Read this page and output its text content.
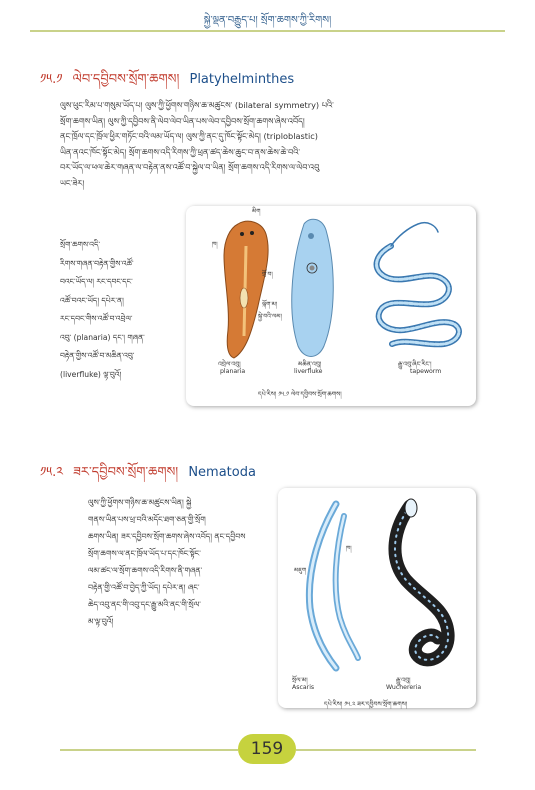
སྐྱེ་ལྡན་བརྒྱུད་པ། སྲོག་ཆགས་ཀྱི་རིགས།
༡༥.༡ ལེབ་དབྱིབས་སྲོག་ཆགས། Platyhelminthes
ལུས་ཕུང་རིམ་པ་གསུམ་ཡོད་པ། ལུས་ཀྱི་ཕྱོགས་གཉིས་ཆ་མཚུངས་ (bilateral symmetry) པའི་
སྲོག་ཆགས་ཡིན། ལུས་ཀྱི་དབྱིབས་ནི་ལེབ་ལེབ་ཡིན་པས་ལེབ་དབྱིབས་སྲོག་ཆགས་ཞེས་འབོད།
ནང་ཁྲོལ་དང་ཁྲོལ་ཕྱིར་གཏོང་བའི་ལམ་ཡོད་ལ། ལུས་ཀྱི་ནང་དུ་ཁོང་སྟོང་མེད། (triploblastic)
ཡིན་ནའང་ཁོང་སྟོང་མེད། སྲོག་ཆགས་འདི་རིགས་ཀྱི་ཕྲན་ཚད་ཆེས་ཆུང་བ་ནས་ཆེས་ཆེ་བའི་
བར་ཡོད་ལ་ཕལ་ཆེར་གཞན་ལ་བརྟེན་ནས་འཚོ་བ་སྐྱེལ་བ་ཡིན། སྲོག་ཆགས་འདི་རིགས་ལ་ལེབ་འབུ
ཡང་ཟེར།
སྲོག་ཆགས་འདི་
རིགས་གཞན་བརྟེན་གྱིས་འཚོ་
བའང་ཡོད་ལ། རང་དབང་དང་
འཚོ་བའང་ཡོད། དཔེར་ན།
རང་དབང་གིས་འཚོ་བ་འབྲེལ་
འབུ་ (planaria) དང་། གཞན་
བརྟེན་གྱིས་འཚོ་བ་མཆིན་འབུ་
(liverfluke) ལྟ་བུའོ།
མིག
ཁ།
གྲོ་བ།
ལྐོག་མ།
སྐྱེ་བའི་ལམ།
འབྲེལ་འབུ།
planaria
མཆིན་འབུ།
liverfluke
རྒྱུ་འབུ་ཞིང་རིང་།
tapeworm
དཔེ་རིས། ༡༥.༡ ལེབ་དབྱིབས་སྲོག་ཆགས།
༡༥.༢ ཟར་དབྱིབས་སྲོག་ཆགས། Nematoda
ལུས་ཀྱི་ཕྱོགས་གཉིས་ཆ་མཚུངས་ཡིན། སྐྱེ
གནས་ཡིན་པས་ཕྲ་བའི་མདོང་ཐག་ཅན་གྱི་སྲོག
ཆགས་ཡིན། ཟར་དབྱིབས་སྲོག་ཆགས་ཞེས་འབོད། ནང་དབྱིབས
སྲོག་ཆགས་ལ་ནང་ཁྲོལ་ཡོད་པ་དང་ཁོང་སྟོང་
ལམ་ཚང་ལ་སྲོག་ཆགས་འདི་རིགས་ནི་གཞན་
བརྟེན་གྱི་འཚོ་བ་བྱེད་ཀྱི་ཡོད། དཔེར་ན། ཞང་
ཆེད་འབུ་ནང་གི་འབུ་དང་རྒྱུ་མའི་ནང་གི་སྲོལ་
མ་ལྟ་བུའོ།
ཁ།
མཇུག
སྲོལ་མ།
Ascaris
རྒྱུ་འབུ།
Wuchereria
དཔེ་རིས། ༡༥.༢ ཟར་དབྱིབས་སྲོག་ཆགས།
159
